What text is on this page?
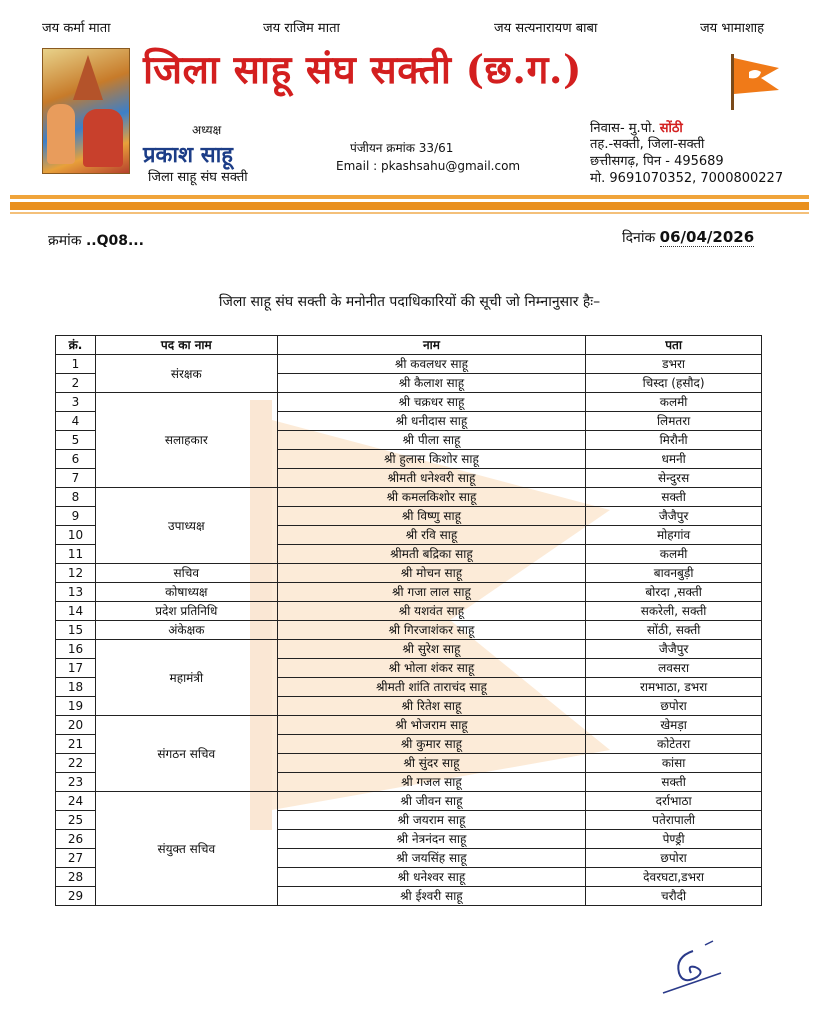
जय कर्मा माता	जय राजिम माता	जय सत्यनारायण बाबा	जय भामाशाह
जिला साहू संघ सक्ती (छ.ग.)
अध्यक्ष
प्रकाश साहू
जिला साहू संघ सक्ती
पंजीयन क्रमांक 33/61
Email : pkashsahu@gmail.com
निवास- मु.पो. सोंठी
तह.-सक्ती, जिला-सक्ती
छत्तीसगढ़, पिन - 495689
मो. 9691070352, 7000800227
क्रमांक ..Q08...	दिनांक 06/04/2026
जिला साहू संघ सक्ती के मनोनीत पदाधिकारियों की सूची जो निम्नानुसार हैः–
क्रं.	पद का नाम	नाम	पता
1	संरक्षक	श्री कवलधर साहू	डभरा
2		श्री कैलाश साहू	चिस्दा (हसौद)
3	सलाहकार	श्री चक्रधर साहू	कलमी
4		श्री धनीदास साहू	लिमतरा
5		श्री पीला साहू	मिरौनी
6		श्री हुलास किशोर साहू	धमनी
7		श्रीमती धनेश्वरी साहू	सेन्दुरस
8	उपाध्यक्ष	श्री कमलकिशोर साहू	सक्ती
9		श्री विष्णु साहू	जैजैपुर
10		श्री रवि साहू	मोहगांव
11		श्रीमती बद्रिका साहू	कलमी
12	सचिव	श्री मोचन साहू	बावनबुड़ी
13	कोषाध्यक्ष	श्री गजा लाल साहू	बोरदा ,सक्ती
14	प्रदेश प्रतिनिधि	श्री यशवंत साहू	सकरेली, सक्ती
15	अंकेक्षक	श्री गिरजाशंकर साहू	सोंठी, सक्ती
16	महामंत्री	श्री सुरेश साहू	जैजैपुर
17		श्री भोला शंकर साहू	लवसरा
18		श्रीमती शांति ताराचंद साहू	रामभाठा, डभरा
19		श्री रितेश साहू	छपोरा
20	संगठन सचिव	श्री भोजराम साहू	खेमड़ा
21		श्री कुमार साहू	कोटेतरा
22		श्री सुंदर साहू	कांसा
23		श्री गजल साहू	सक्ती
24	संयुक्त सचिव	श्री जीवन साहू	दर्राभाठा
25		श्री जयराम साहू	पतेरापाली
26		श्री नेत्रनंदन साहू	पेण्ड्री
27		श्री जयसिंह साहू	छपोरा
28		श्री धनेश्वर साहू	देवरघटा,डभरा
29		श्री ईश्वरी साहू	चरौदी
